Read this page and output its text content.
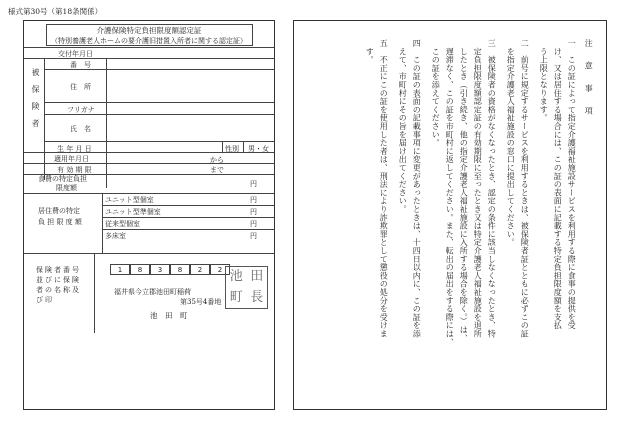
様式第30号（第18条関係）
介護保険特定負担限度額認定証
（特別養護老人ホームの要介護旧措置入所者に関する認定証）
交付年月日
被保険者
番　号
住　所
フリガナ
氏　名
生 年 月 日	性別 男・女
適用年月日	から
有 効 期 限	まで
食費の特定負担
限度額	円
居住費の特定
負 担 限 度 額
ユニット型個室	円
ユニット型準個室	円
従来型個室	円
多床室	円
保険者番号
並びに保険
者の名称及
び印
1	8	3	8	2	2
福井県今立郡池田町稲荷
第35号4番地
池　田　町
池 田
町 長
注 意 事 項
一　この証によって指定介護福祉施設サービスを利用する際に食事の提供を受
　け、又は居住する場合には、この証の表面に記載する特定負担限度額を支払
　う上限となります。
二　前号に規定するサービスを利用するときは、被保険者証とともに必ずこの証
　を指定介護老人福祉施設の窓口に提出してください。
三　被保険者の資格がなくなったとき、認定の条件に該当しなくなったとき、特
　定負担限度額認定証の有効期限に至ったとき又は特定介護老人福祉施設を退所
　したとき（引き続き、他の指定介護老人福祉施設に入所する場合を除く。）は、
　遅滞なく、この証を市町村に返してください。また、転出の届出をする際には、
　この証を添えてください。
四　この証の表面の記載事項に変更があったときは、十四日以内に、この証を添
　えて、市町村にその旨を届け出てください。
五　不正にこの証を使用した者は、刑法により詐欺罪として懲役の処分を受けま
　す。
